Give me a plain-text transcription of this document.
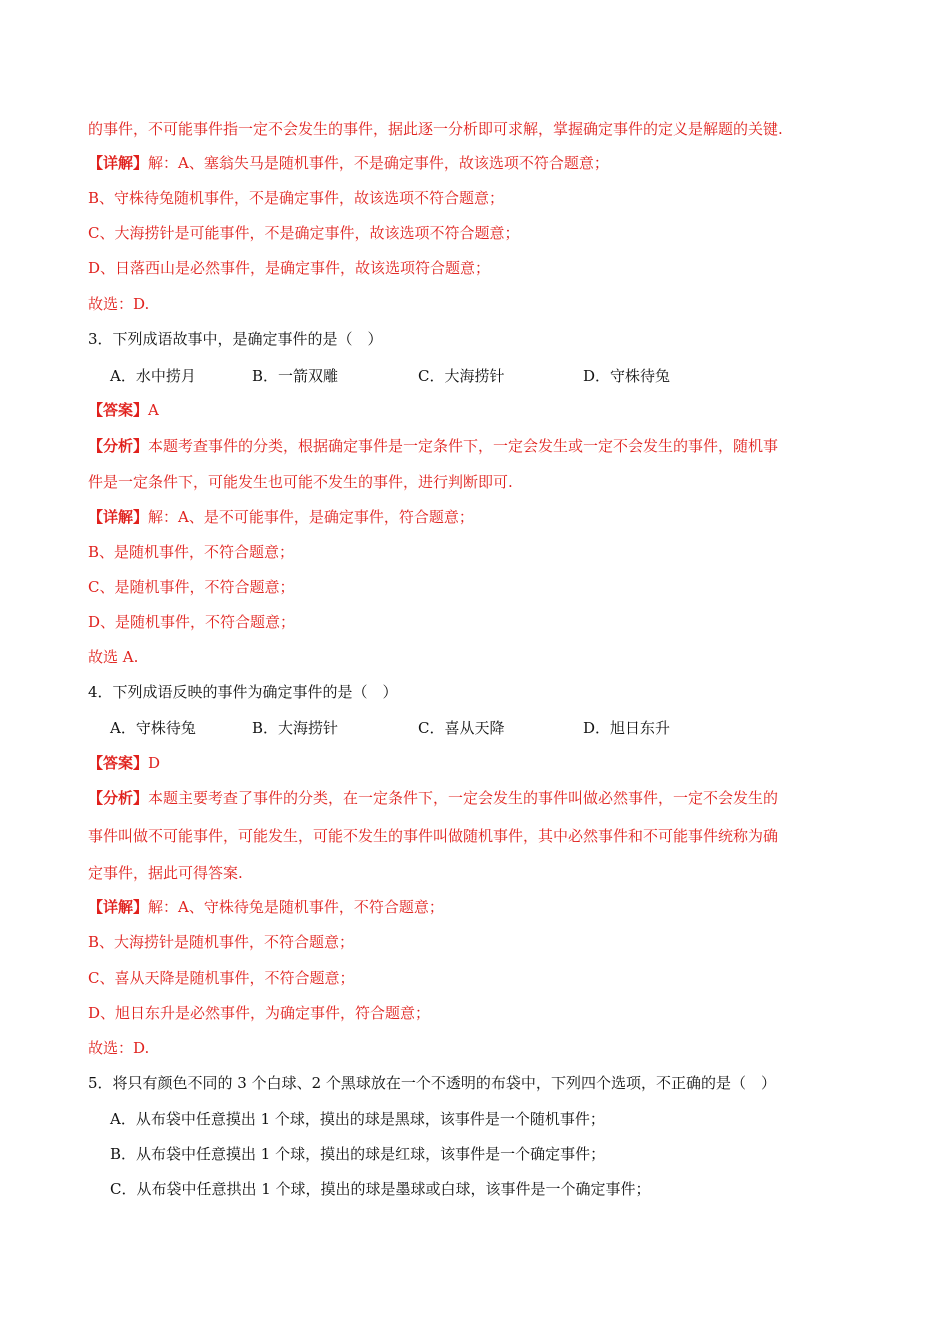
的事件，不可能事件指一定不会发生的事件，据此逐一分析即可求解，掌握确定事件的定义是解题的关键.
【详解】解：A、塞翁失马是随机事件，不是确定事件，故该选项不符合题意；
B、守株待兔随机事件，不是确定事件，故该选项不符合题意；
C、大海捞针是可能事件，不是确定事件，故该选项不符合题意；
D、日落西山是必然事件，是确定事件，故该选项符合题意；
故选：D.
3．下列成语故事中，是确定事件的是（　）
A．水中捞月	B．一箭双雕	C．大海捞针	D．守株待兔
【答案】A
【分析】本题考查事件的分类，根据确定事件是一定条件下，一定会发生或一定不会发生的事件，随机事
件是一定条件下，可能发生也可能不发生的事件，进行判断即可.
【详解】解：A、是不可能事件，是确定事件，符合题意；
B、是随机事件，不符合题意；
C、是随机事件，不符合题意；
D、是随机事件，不符合题意；
故选 A.
4．下列成语反映的事件为确定事件的是（　）
A．守株待兔	B．大海捞针	C．喜从天降	D．旭日东升
【答案】D
【分析】本题主要考查了事件的分类，在一定条件下，一定会发生的事件叫做必然事件，一定不会发生的
事件叫做不可能事件，可能发生，可能不发生的事件叫做随机事件，其中必然事件和不可能事件统称为确
定事件，据此可得答案.
【详解】解：A、守株待兔是随机事件，不符合题意；
B、大海捞针是随机事件，不符合题意；
C、喜从天降是随机事件，不符合题意；
D、旭日东升是必然事件，为确定事件，符合题意；
故选：D.
5．将只有颜色不同的 3 个白球、2 个黑球放在一个不透明的布袋中，下列四个选项，不正确的是（　）
A．从布袋中任意摸出 1 个球，摸出的球是黑球，该事件是一个随机事件；
B．从布袋中任意摸出 1 个球，摸出的球是红球，该事件是一个确定事件；
C．从布袋中任意拱出 1 个球，摸出的球是墨球或白球，该事件是一个确定事件；
